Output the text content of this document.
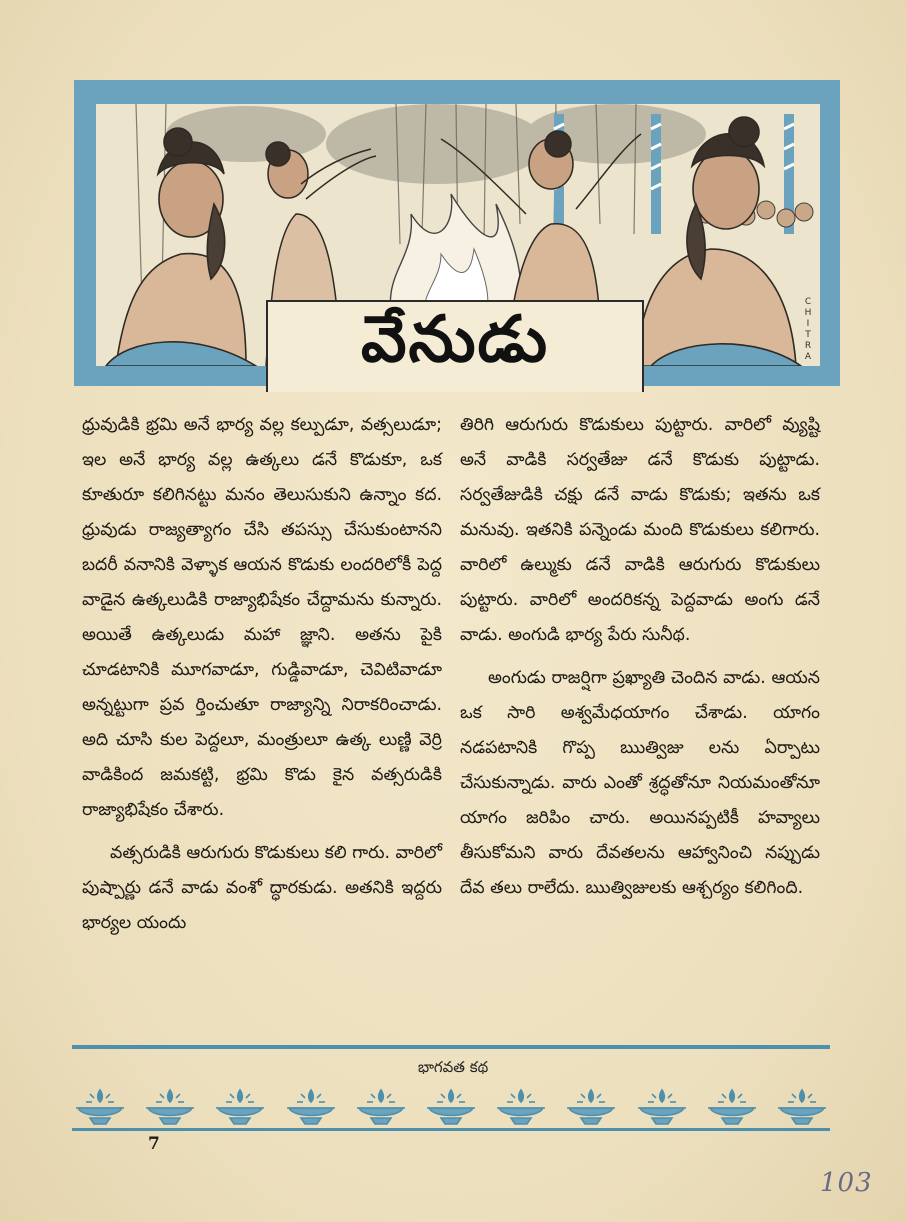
C
H
I
T
R
A
వేనుడు

ధ్రువుడికి భ్రమి అనే భార్య వల్ల కల్పుడూ, వత్సలుడూ; ఇల అనే భార్య వల్ల ఉత్కలు డనే కొడుకూ, ఒక కూతురూ కలిగినట్టు మనం తెలుసుకుని ఉన్నాం కద. ధ్రువుడు రాజ్యత్యాగం చేసి తపస్సు చేసుకుంటానని బదరీ వనానికి వెళ్ళాక ఆయన కొడుకు లందరిలోకీ పెద్ద వాడైన ఉత్కలుడికి రాజ్యాభిషేకం చేద్దామను కున్నారు. అయితే ఉత్కలుడు మహా జ్ఞాని. అతను పైకి చూడటానికి మూగవాడూ, గుడ్డివాడూ, చెవిటివాడూ అన్నట్టుగా ప్రవ ర్తించుతూ రాజ్యాన్ని నిరాకరించాడు. అది చూసి కుల పెద్దలూ, మంత్రులూ ఉత్క లుణ్ణి వెర్రి వాడికింద జమకట్టి, భ్రమి కొడు కైన వత్సరుడికి రాజ్యాభిషేకం చేశారు.

వత్సరుడికి ఆరుగురు కొడుకులు కలి గారు. వారిలో పుష్పార్ణు డనే వాడు వంశో ద్ధారకుడు. అతనికి ఇద్దరు భార్యల యందు

తిరిగి ఆరుగురు కొడుకులు పుట్టారు. వారిలో వ్యుష్టి అనే వాడికి సర్వతేజు డనే కొడుకు పుట్టాడు. సర్వతేజుడికి చక్షు డనే వాడు కొడుకు; ఇతను ఒక మనువు. ఇతనికి పన్నెండు మంది కొడుకులు కలిగారు. వారిలో ఉల్ముకు డనే వాడికి ఆరుగురు కొడుకులు పుట్టారు. వారిలో అందరికన్న పెద్దవాడు అంగు డనే వాడు. అంగుడి భార్య పేరు సునీథ.

అంగుడు రాజర్షిగా ప్రఖ్యాతి చెందిన వాడు. ఆయన ఒక సారి అశ్వమేధయాగం చేశాడు. యాగం నడపటానికి గొప్ప ఋత్విజు లను ఏర్పాటు చేసుకున్నాడు. వారు ఎంతో శ్రద్ధతోనూ నియమంతోనూ యాగం జరిపిం చారు. అయినప్పటికీ హవ్యాలు తీసుకోమని వారు దేవతలను ఆహ్వానించి నప్పుడు దేవ తలు రాలేదు. ఋత్విజులకు ఆశ్చర్యం కలిగింది.

భాగవత కథ
7
103
